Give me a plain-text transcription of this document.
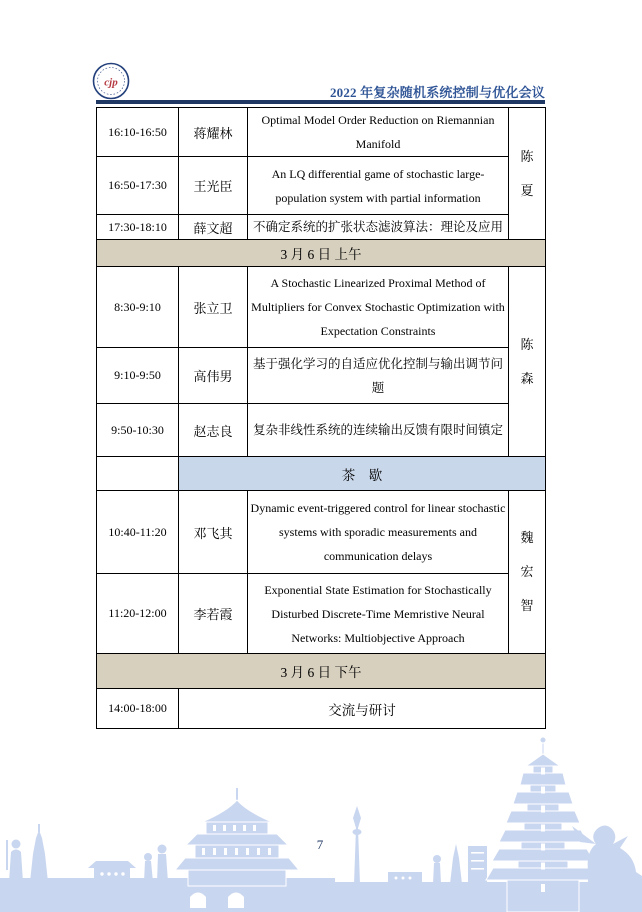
cjp
2022 年复杂随机系统控制与优化会议
16:10-16:50	蒋耀林	Optimal Model Order Reduction on Riemannian Manifold	陈夏

16:50-17:30	王光臣	An LQ differential game of stochastic large-population system with partial information	
17:30-18:10	薛文超	不确定系统的扩张状态滤波算法：理论及应用	
3 月 6 日 上午			
8:30-9:10	张立卫	A Stochastic Linearized Proximal Method of Multipliers for Convex Stochastic Optimization with Expectation Constraints	陈森

9:10-9:50	高伟男	基于强化学习的自适应优化控制与输出调节问题	
9:50-10:30	赵志良	复杂非线性系统的连续输出反馈有限时间镇定	
	茶　歇		
10:40-11:20	邓飞其	Dynamic event-triggered control for linear stochastic systems with sporadic measurements and communication delays	魏宏智

11:20-12:00	李若霞	Exponential State Estimation for Stochastically Disturbed Discrete-Time Memristive Neural Networks: Multiobjective Approach	
3 月 6 日 下午			
14:00-18:00	交流与研讨		
7
